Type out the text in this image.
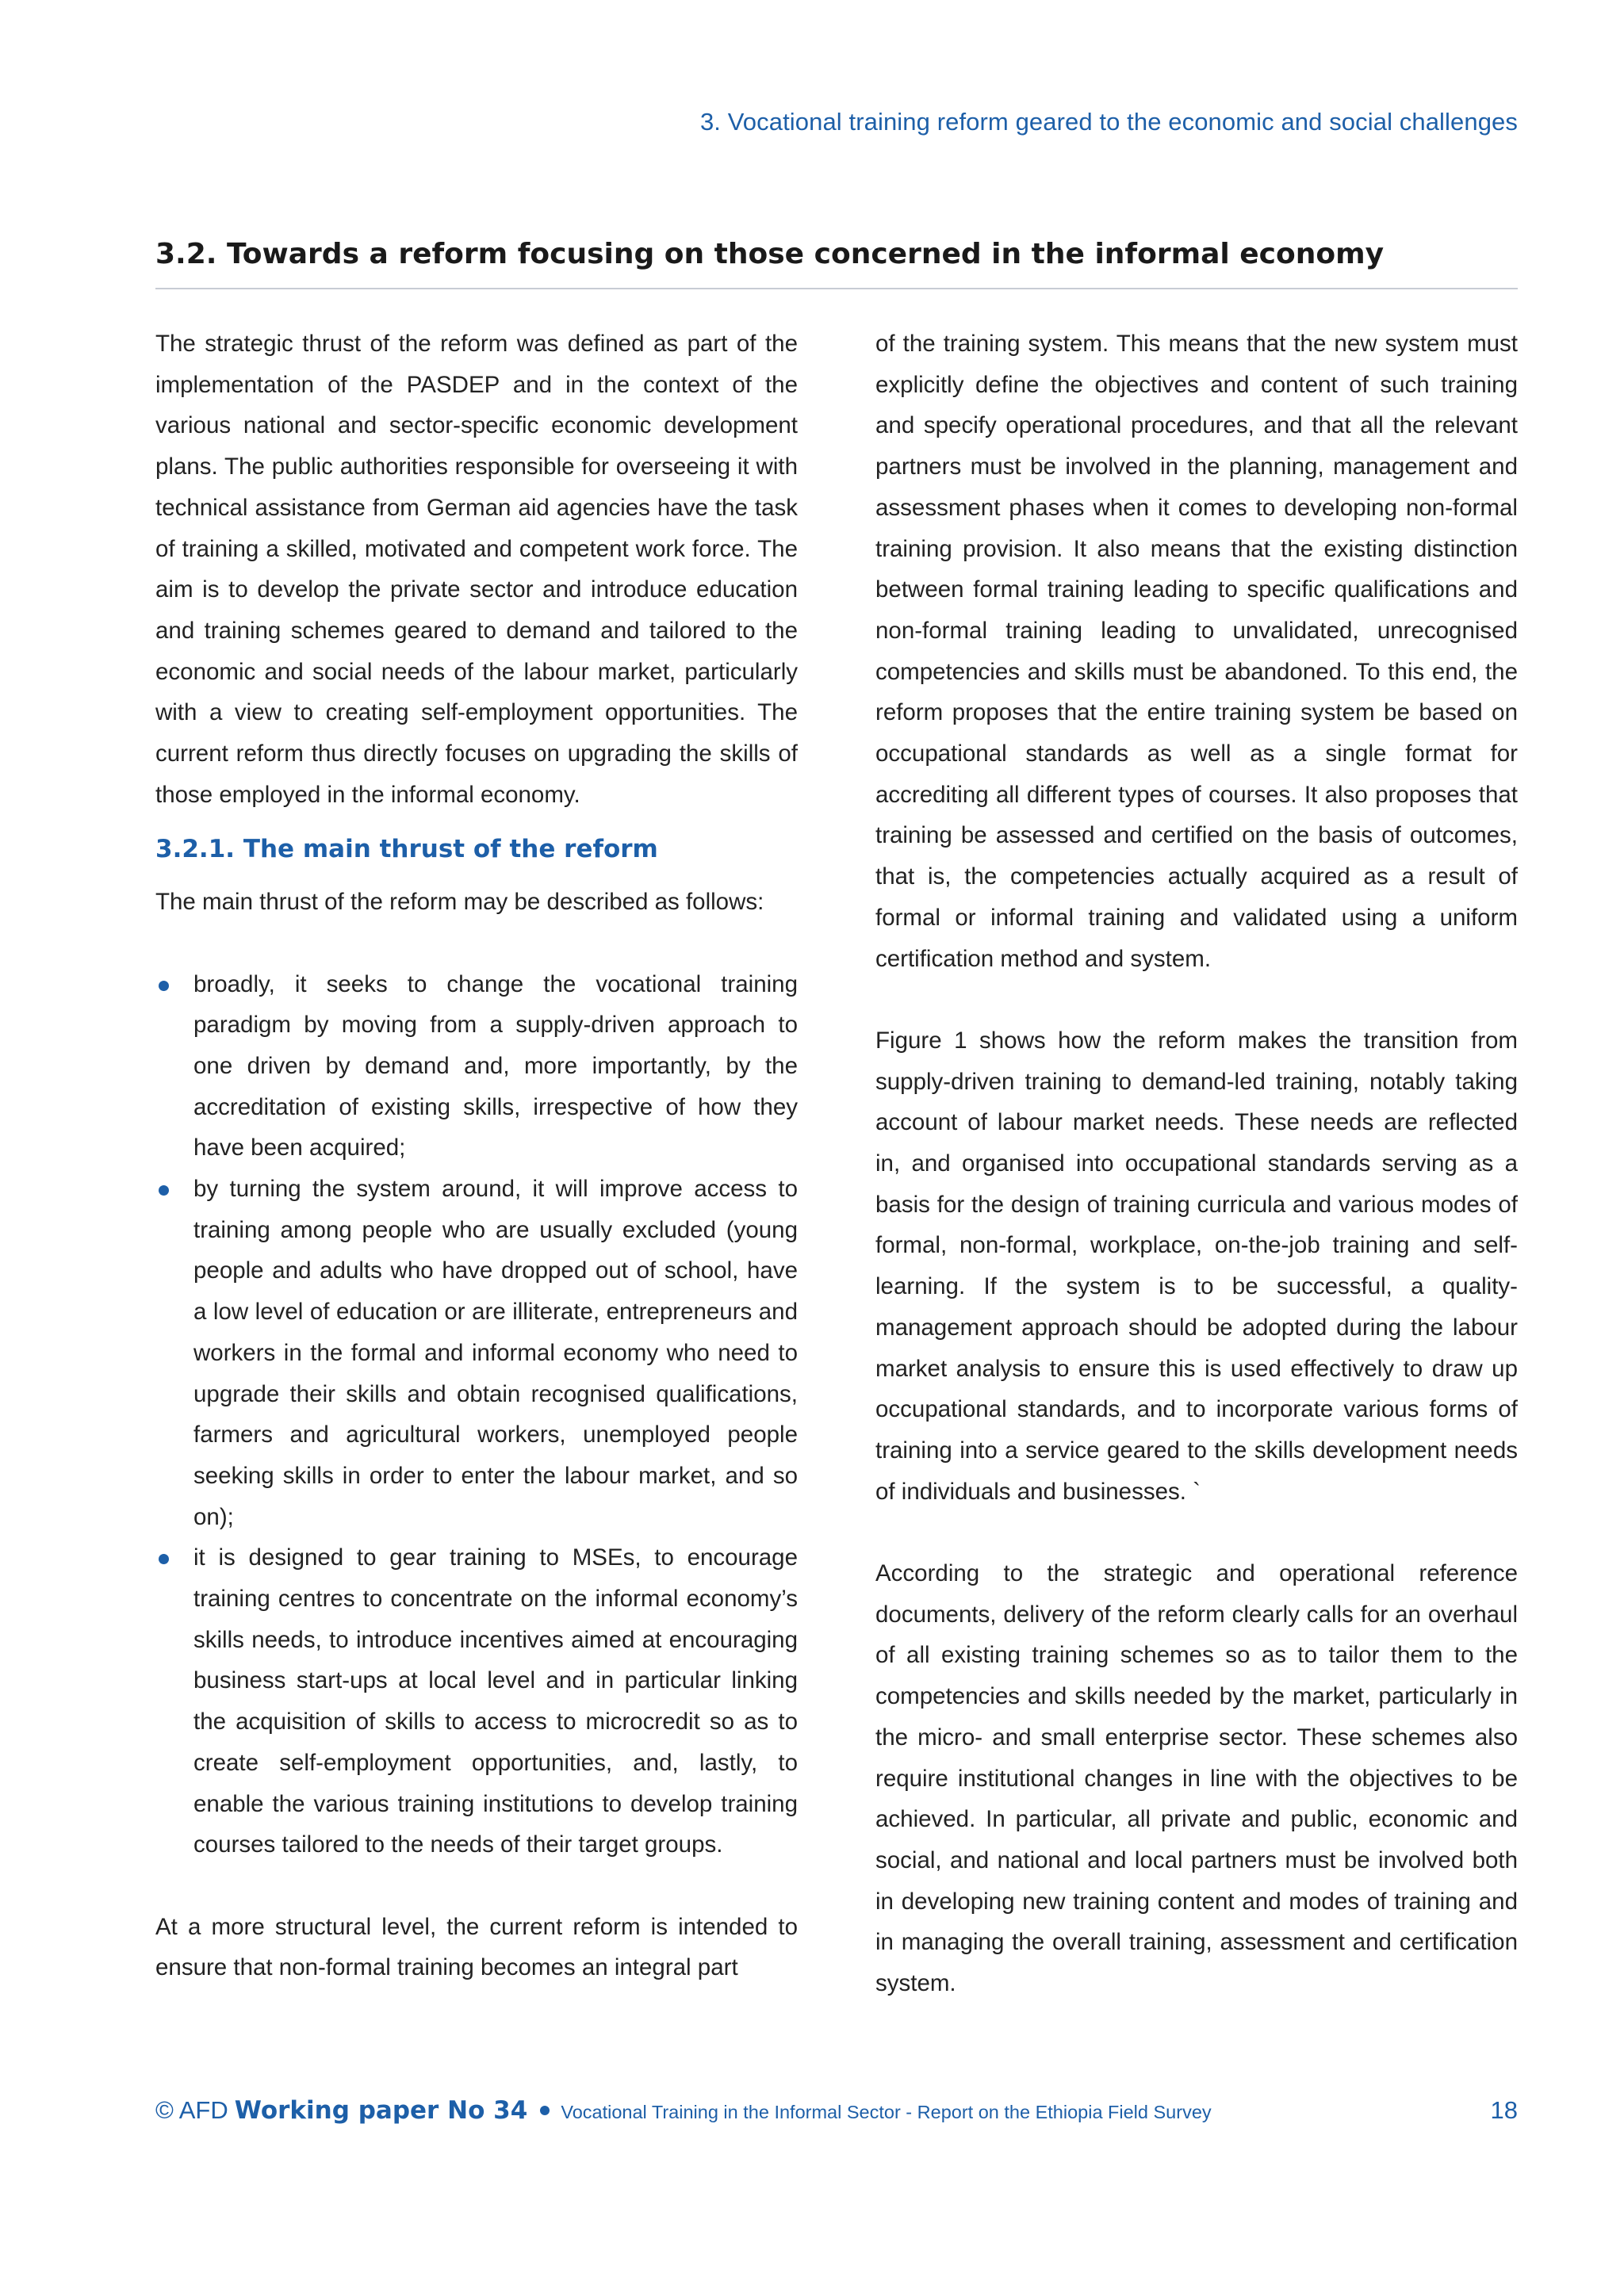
3. Vocational training reform geared to the economic and social challenges
3.2. Towards a reform focusing on those concerned in the informal economy

The strategic thrust of the reform was defined as part of the implementation of the PASDEP and in the context of the various national and sector-specific economic development plans. The public authorities responsible for overseeing it with technical assistance from German aid agencies have the task of training a skilled, motivated and competent work force. The aim is to develop the private sector and introduce education and training schemes geared to demand and tailored to the economic and social needs of the labour market, particularly with a view to creating self-employment opportunities. The current reform thus directly focuses on upgrading the skills of those employed in the informal economy.

3.2.1. The main thrust of the reform

The main thrust of the reform may be described as follows:

broadly, it seeks to change the vocational training paradigm by moving from a supply-driven approach to one driven by demand and, more importantly, by the accreditation of existing skills, irrespective of how they have been acquired;
by turning the system around, it will improve access to training among people who are usually excluded (young people and adults who have dropped out of school, have a low level of education or are illiterate, entrepreneurs and workers in the formal and informal economy who need to upgrade their skills and obtain recognised qualifications, farmers and agricultural workers, unemployed people seeking skills in order to enter the labour market, and so on);
it is designed to gear training to MSEs, to encourage training centres to concentrate on the informal economy’s skills needs, to introduce incentives aimed at encouraging business start-ups at local level and in particular linking the acquisition of skills to access to microcredit so as to create self-employment opportunities, and, lastly, to enable the various training institutions to develop training courses tailored to the needs of their target groups.

At a more structural level, the current reform is intended to ensure that non-formal training becomes an integral part

of the training system. This means that the new system must explicitly define the objectives and content of such training and specify operational procedures, and that all the relevant partners must be involved in the planning, management and assessment phases when it comes to developing non-formal training provision. It also means that the existing distinction between formal training leading to specific qualifications and non-formal training leading to unvalidated, unrecognised competencies and skills must be abandoned. To this end, the reform proposes that the entire training system be based on occupational standards as well as a single format for accrediting all different types of courses. It also proposes that training be assessed and certified on the basis of outcomes, that is, the competencies actually acquired as a result of formal or informal training and validated using a uniform certification method and system.

Figure 1 shows how the reform makes the transition from supply-driven training to demand-led training, notably taking account of labour market needs. These needs are reflected in, and organised into occupational standards serving as a basis for the design of training curricula and various modes of formal, non-formal, workplace, on-the-job training and self-learning. If the system is to be successful, a quality-management approach should be adopted during the labour market analysis to ensure this is used effectively to draw up occupational standards, and to incorporate various forms of training into a service geared to the skills development needs of individuals and businesses. `

According to the strategic and operational reference documents, delivery of the reform clearly calls for an overhaul of all existing training schemes so as to tailor them to the competencies and skills needed by the market, particularly in the micro- and small enterprise sector. These schemes also require institutional changes in line with the objectives to be achieved. In particular, all private and public, economic and social, and national and local partners must be involved both in developing new training content and modes of training and in managing the overall training, assessment and certification system.

© AFD Working paper No 34 Vocational Training in the Informal Sector - Report on the Ethiopia Field Survey	18
